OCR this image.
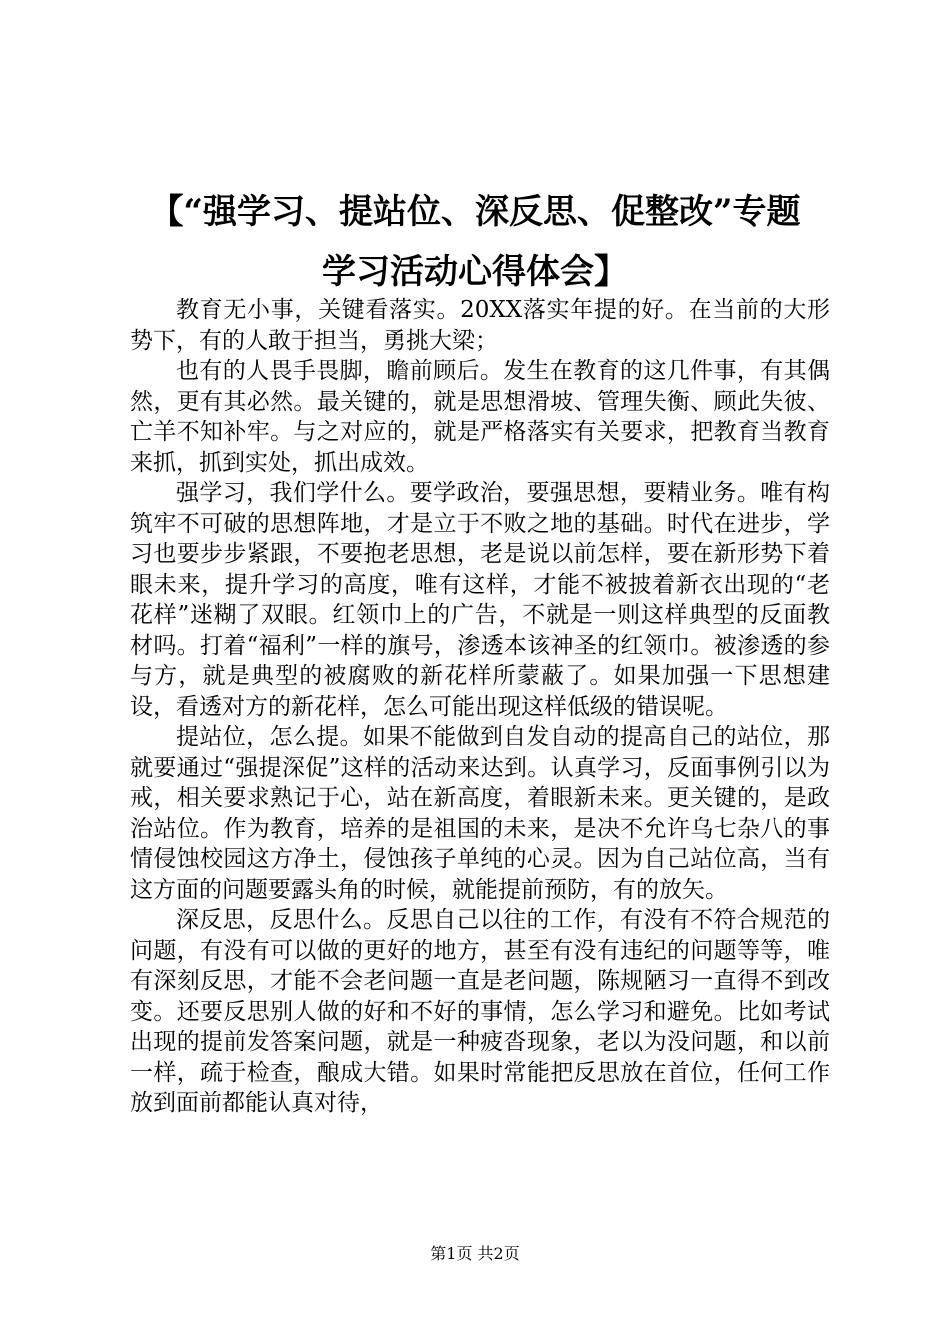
【“强学习、提站位、深反思、促整改”专题
学习活动心得体会】

教育无小事，关键看落实。20XX落实年提的好。在当前的大形势下，有的人敢于担当，勇挑大梁；

也有的人畏手畏脚，瞻前顾后。发生在教育的这几件事，有其偶然，更有其必然。最关键的，就是思想滑坡、管理失衡、顾此失彼、亡羊不知补牢。与之对应的，就是严格落实有关要求，把教育当教育来抓，抓到实处，抓出成效。

强学习，我们学什么。要学政治，要强思想，要精业务。唯有构筑牢不可破的思想阵地，才是立于不败之地的基础。时代在进步，学习也要步步紧跟，不要抱老思想，老是说以前怎样，要在新形势下着眼未来，提升学习的高度，唯有这样，才能不被披着新衣出现的“老花样”迷糊了双眼。红领巾上的广告，不就是一则这样典型的反面教材吗。打着“福利”一样的旗号，渗透本该神圣的红领巾。被渗透的参与方，就是典型的被腐败的新花样所蒙蔽了。如果加强一下思想建设，看透对方的新花样，怎么可能出现这样低级的错误呢。

提站位，怎么提。如果不能做到自发自动的提高自己的站位，那就要通过“强提深促”这样的活动来达到。认真学习，反面事例引以为戒，相关要求熟记于心，站在新高度，着眼新未来。更关键的，是政治站位。作为教育，培养的是祖国的未来，是决不允许乌七杂八的事情侵蚀校园这方净土，侵蚀孩子单纯的心灵。因为自己站位高，当有这方面的问题要露头角的时候，就能提前预防，有的放矢。

深反思，反思什么。反思自己以往的工作，有没有不符合规范的问题，有没有可以做的更好的地方，甚至有没有违纪的问题等等，唯有深刻反思，才能不会老问题一直是老问题，陈规陋习一直得不到改变。还要反思别人做的好和不好的事情，怎么学习和避免。比如考试出现的提前发答案问题，就是一种疲沓现象，老以为没问题，和以前一样，疏于检查，酿成大错。如果时常能把反思放在首位，任何工作放到面前都能认真对待，

第1页 共2页
